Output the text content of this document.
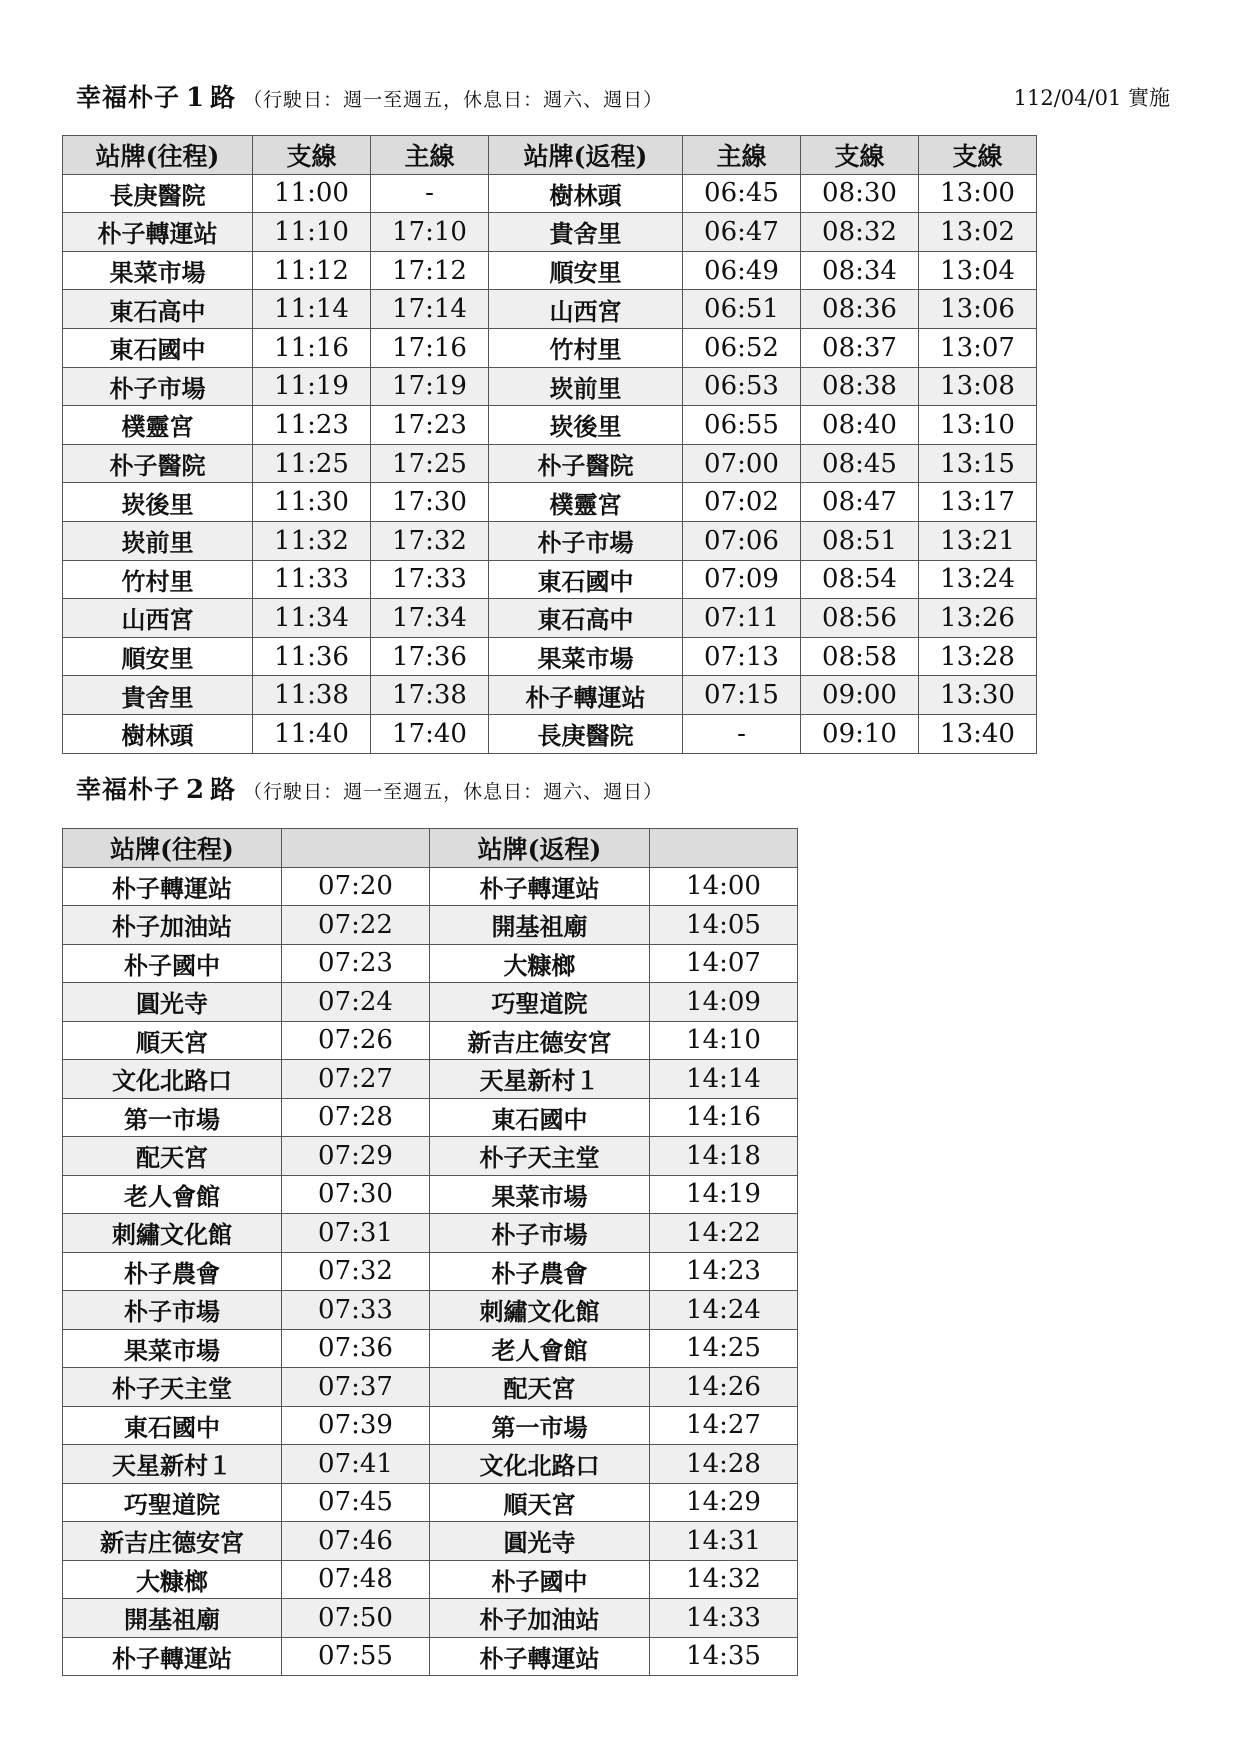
幸福朴子 1 路 （行駛日：週一至週五，休息日：週六、週日）	112/04/01 實施
站牌(往程)	支線	主線	站牌(返程)	主線	支線	支線
長庚醫院	11:00	-	樹林頭	06:45	08:30	13:00
朴子轉運站	11:10	17:10	貴舍里	06:47	08:32	13:02
果菜市場	11:12	17:12	順安里	06:49	08:34	13:04
東石高中	11:14	17:14	山西宮	06:51	08:36	13:06
東石國中	11:16	17:16	竹村里	06:52	08:37	13:07
朴子市場	11:19	17:19	崁前里	06:53	08:38	13:08
樸靈宮	11:23	17:23	崁後里	06:55	08:40	13:10
朴子醫院	11:25	17:25	朴子醫院	07:00	08:45	13:15
崁後里	11:30	17:30	樸靈宮	07:02	08:47	13:17
崁前里	11:32	17:32	朴子市場	07:06	08:51	13:21
竹村里	11:33	17:33	東石國中	07:09	08:54	13:24
山西宮	11:34	17:34	東石高中	07:11	08:56	13:26
順安里	11:36	17:36	果菜市場	07:13	08:58	13:28
貴舍里	11:38	17:38	朴子轉運站	07:15	09:00	13:30
樹林頭	11:40	17:40	長庚醫院	-	09:10	13:40
幸福朴子 2 路 （行駛日：週一至週五，休息日：週六、週日）
站牌(往程)		站牌(返程)	
朴子轉運站	07:20	朴子轉運站	14:00
朴子加油站	07:22	開基祖廟	14:05
朴子國中	07:23	大糠榔	14:07
圓光寺	07:24	巧聖道院	14:09
順天宮	07:26	新吉庄德安宮	14:10
文化北路口	07:27	天星新村１	14:14
第一市場	07:28	東石國中	14:16
配天宮	07:29	朴子天主堂	14:18
老人會館	07:30	果菜市場	14:19
刺繡文化館	07:31	朴子市場	14:22
朴子農會	07:32	朴子農會	14:23
朴子市場	07:33	刺繡文化館	14:24
果菜市場	07:36	老人會館	14:25
朴子天主堂	07:37	配天宮	14:26
東石國中	07:39	第一市場	14:27
天星新村１	07:41	文化北路口	14:28
巧聖道院	07:45	順天宮	14:29
新吉庄德安宮	07:46	圓光寺	14:31
大糠榔	07:48	朴子國中	14:32
開基祖廟	07:50	朴子加油站	14:33
朴子轉運站	07:55	朴子轉運站	14:35
